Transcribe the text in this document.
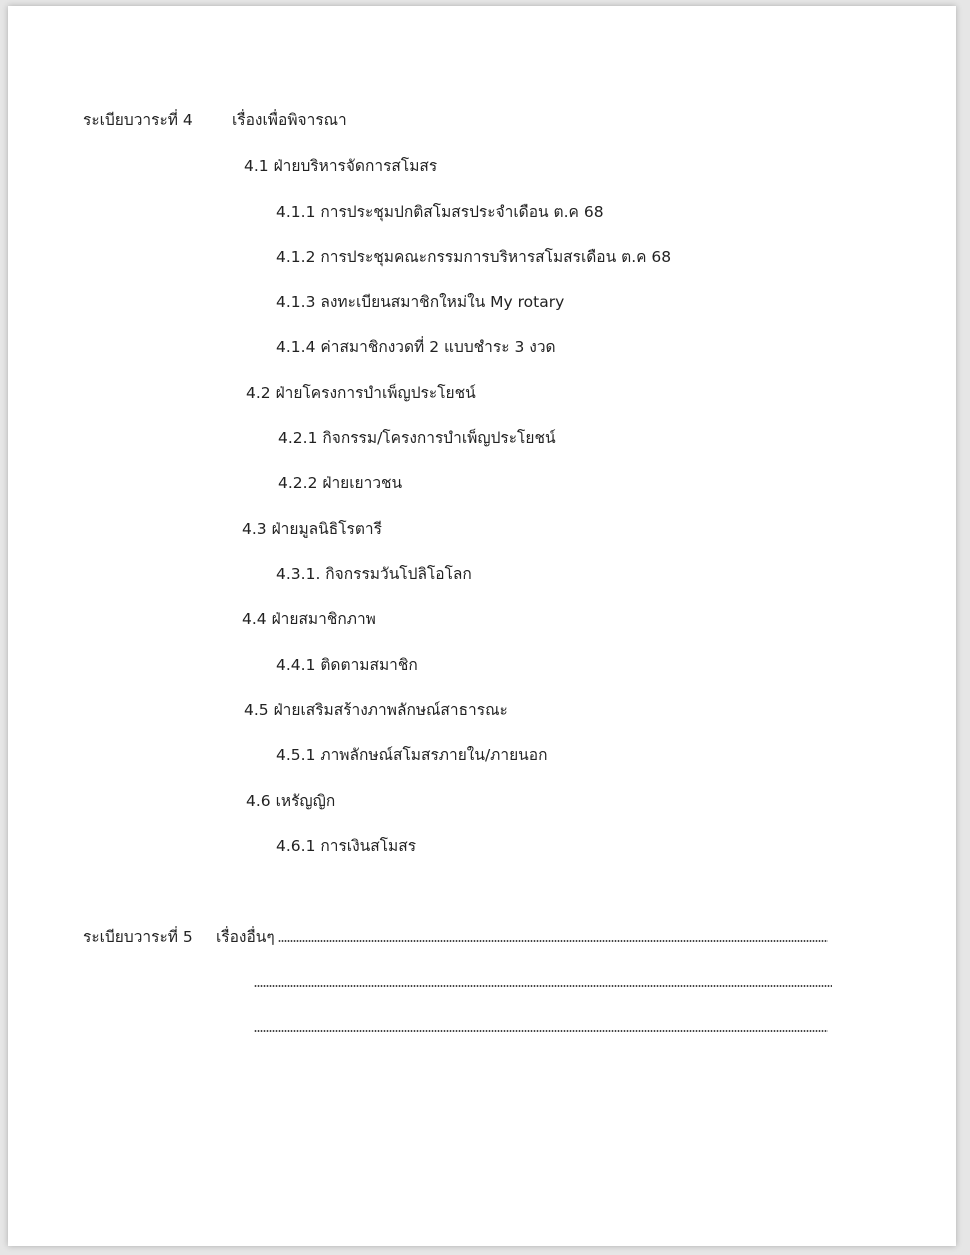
ระเบียบวาระที่ 4	เรื่องเพื่อพิจารณา
4.1 ฝ่ายบริหารจัดการสโมสร
4.1.1 การประชุมปกติสโมสรประจำเดือน ต.ค 68
4.1.2 การประชุมคณะกรรมการบริหารสโมสรเดือน ต.ค 68
4.1.3 ลงทะเบียนสมาชิกใหม่ใน My rotary
4.1.4 ค่าสมาชิกงวดที่ 2 แบบชำระ 3 งวด
4.2 ฝ่ายโครงการบำเพ็ญประโยชน์
4.2.1 กิจกรรม/โครงการบำเพ็ญประโยชน์
4.2.2 ฝ่ายเยาวชน
4.3 ฝ่ายมูลนิธิโรตารี
4.3.1. กิจกรรมวันโปลิโอโลก
4.4 ฝ่ายสมาชิกภาพ
4.4.1 ติดตามสมาชิก
4.5 ฝ่ายเสริมสร้างภาพลักษณ์สาธารณะ
4.5.1 ภาพลักษณ์สโมสรภายใน/ภายนอก
4.6 เหรัญญิก
4.6.1 การเงินสโมสร
ระเบียบวาระที่ 5 เรื่องอื่นๆ
